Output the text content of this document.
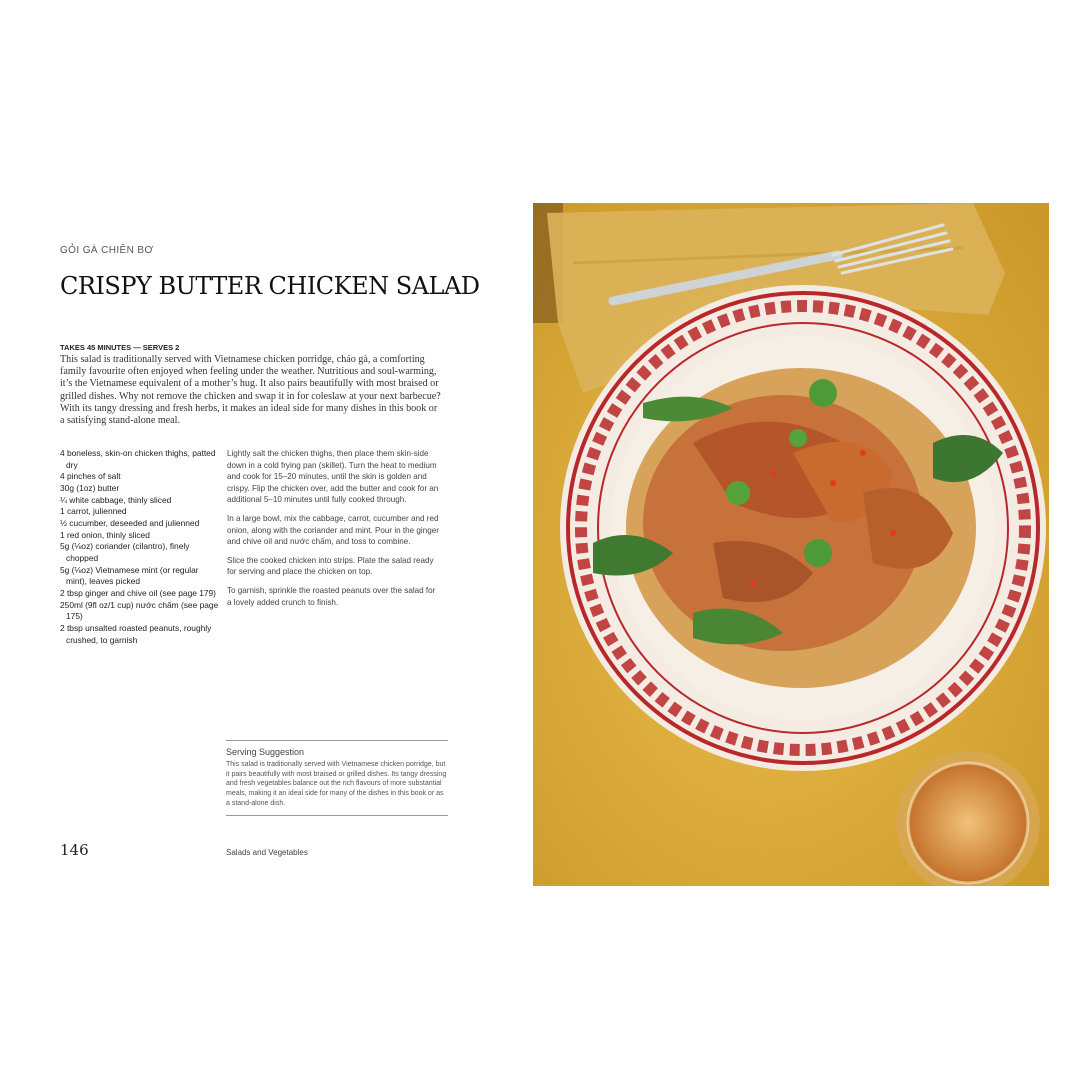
GỎI GÀ CHIÊN BƠ
CRISPY BUTTER CHICKEN SALAD
TAKES 45 MINUTES — SERVES 2

This salad is traditionally served with Vietnamese chicken porridge, cháo gà, a comforting family favourite often enjoyed when feeling under the weather. Nutritious and soul-warming, it’s the Vietnamese equivalent of a mother’s hug. It also pairs beautifully with most braised or grilled dishes. Why not remove the chicken and swap it in for coleslaw at your next barbecue? With its tangy dressing and fresh herbs, it makes an ideal side for many dishes in this book or a satisfying stand-alone meal.

4 boneless, skin-on chicken thighs, patted dry
4 pinches of salt
30g (1oz) butter
¼ white cabbage, thinly sliced
1 carrot, julienned
½ cucumber, deseeded and julienned
1 red onion, thinly sliced
5g (⅛oz) coriander (cilantro), finely chopped
5g (⅛oz) Vietnamese mint (or regular mint), leaves picked
2 tbsp ginger and chive oil (see page 179)
250ml (9fl oz/1 cup) nước chấm (see page 175)
2 tbsp unsalted roasted peanuts, roughly crushed, to garnish

Lightly salt the chicken thighs, then place them skin-side down in a cold frying pan (skillet). Turn the heat to medium and cook for 15–20 minutes, until the skin is golden and crispy. Flip the chicken over, add the butter and cook for an additional 5–10 minutes until fully cooked through.

In a large bowl, mix the cabbage, carrot, cucumber and red onion, along with the coriander and mint. Pour in the ginger and chive oil and nước chấm, and toss to combine.

Slice the cooked chicken into strips. Plate the salad ready for serving and place the chicken on top.

To garnish, sprinkle the roasted peanuts over the salad for a lovely added crunch to finish.

Serving Suggestion

This salad is traditionally served with Vietnamese chicken porridge, but it pairs beautifully with most braised or grilled dishes. Its tangy dressing and fresh vegetables balance out the rich flavours of more substantial meals, making it an ideal side for many of the dishes in this book or as a stand-alone dish.

146	Salads and Vegetables
